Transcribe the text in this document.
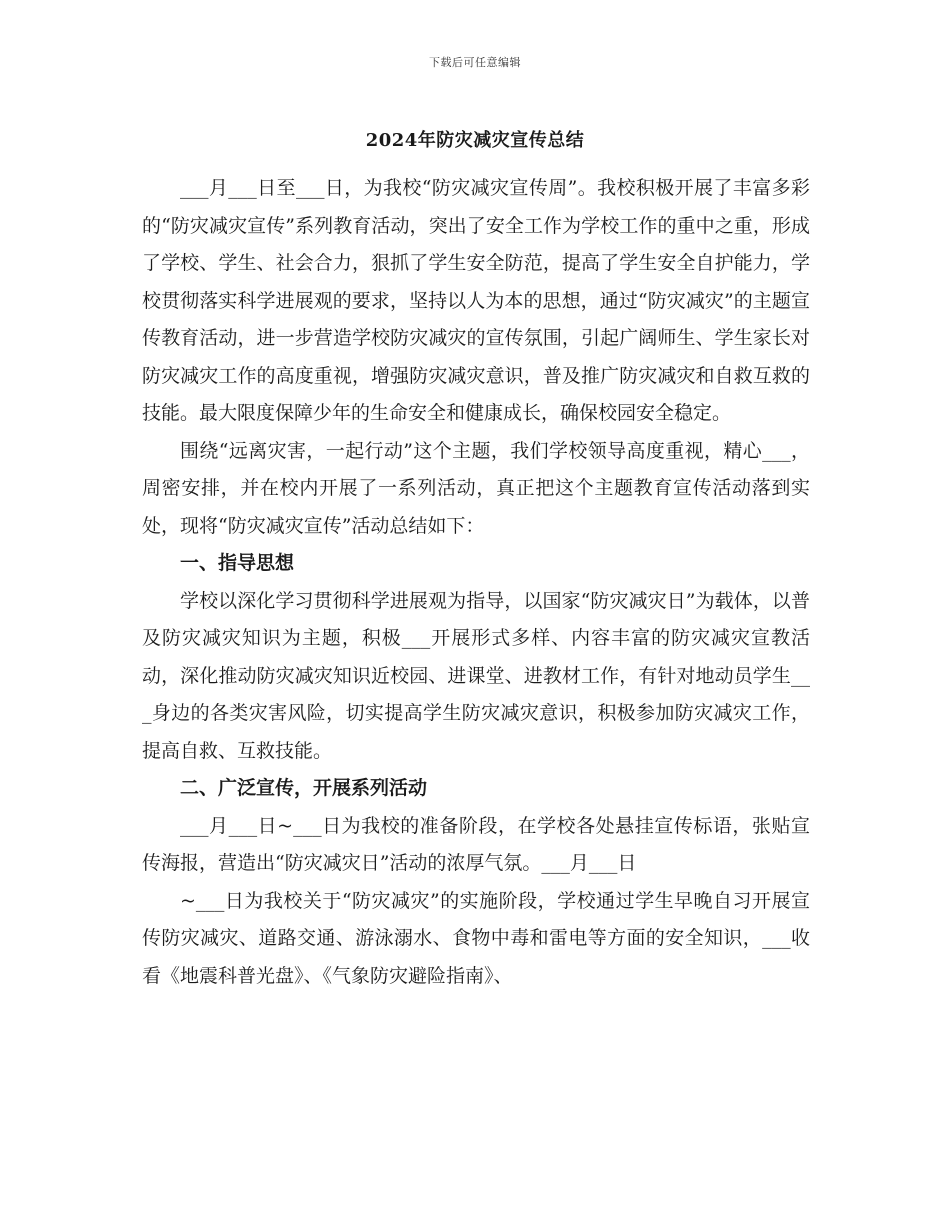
下载后可任意编辑
2024年防灾减灾宣传总结

___月___日至___日，为我校“防灾减灾宣传周”。我校积极开展了丰富多彩的“防灾减灾宣传”系列教育活动，突出了安全工作为学校工作的重中之重，形成了学校、学生、社会合力，狠抓了学生安全防范，提高了学生安全自护能力，学校贯彻落实科学进展观的要求，坚持以人为本的思想，通过“防灾减灾”的主题宣传教育活动，进一步营造学校防灾减灾的宣传氛围，引起广阔师生、学生家长对防灾减灾工作的高度重视，增强防灾减灾意识，普及推广防灾减灾和自救互救的技能。最大限度保障少年的生命安全和健康成长，确保校园安全稳定。

围绕“远离灾害，一起行动”这个主题，我们学校领导高度重视，精心___，周密安排，并在校内开展了一系列活动，真正把这个主题教育宣传活动落到实处，现将“防灾减灾宣传”活动总结如下：

一、指导思想

学校以深化学习贯彻科学进展观为指导，以国家“防灾减灾日”为载体，以普及防灾减灾知识为主题，积极___开展形式多样、内容丰富的防灾减灾宣教活动，深化推动防灾减灾知识近校园、进课堂、进教材工作，有针对地动员学生___身边的各类灾害风险，切实提高学生防灾减灾意识，积极参加防灾减灾工作，提高自救、互救技能。

二、广泛宣传，开展系列活动

___月___日~___日为我校的准备阶段，在学校各处悬挂宣传标语，张贴宣传海报，营造出“防灾减灾日”活动的浓厚气氛。___月___日

~___日为我校关于“防灾减灾”的实施阶段，学校通过学生早晚自习开展宣传防灾减灾、道路交通、游泳溺水、食物中毒和雷电等方面的安全知识，___收看《地震科普光盘》、《气象防灾避险指南》、
